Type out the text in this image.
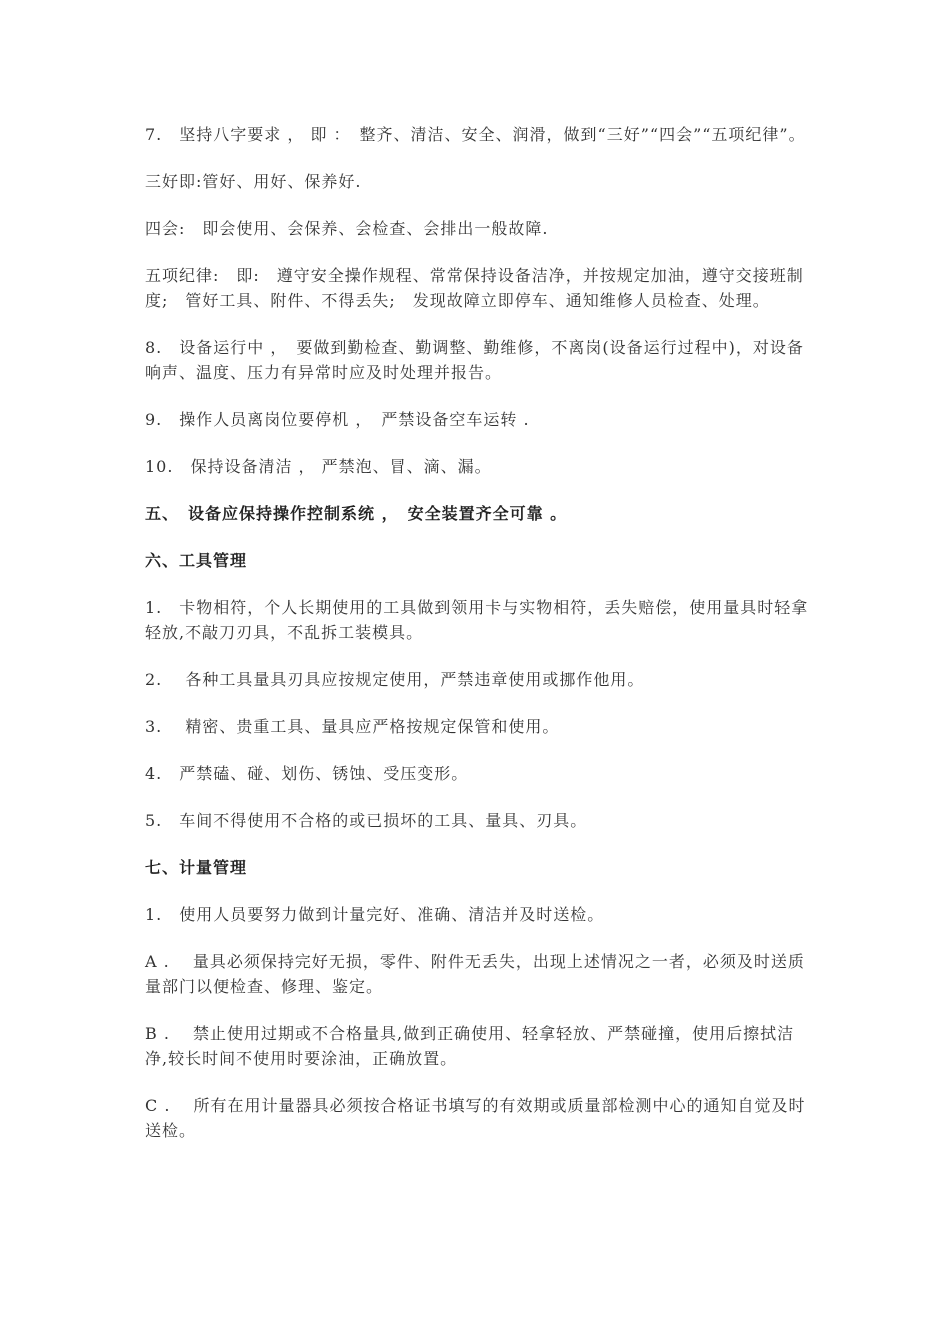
7.　坚持八字要求 ， 即 ：　整齐、清洁、安全、润滑，做到“三好”“四会”“五项纪律”。

三好即:管好、用好、保养好.

四会:　即会使用、会保养、会检查、会排出一般故障.

五项纪律:　即:　遵守安全操作规程、常常保持设备洁净，并按规定加油，遵守交接班制度;　管好工具、附件、不得丢失;　发现故障立即停车、通知维修人员检查、处理。

8.　设备运行中 ，　要做到勤检查、勤调整、勤维修，不离岗(设备运行过程中)，对设备响声、温度、压力有异常时应及时处理并报告。

9.　操作人员离岗位要停机 ，　严禁设备空车运转 .

10.　保持设备清洁 ， 严禁泡、冒、滴、漏。

五、　设备应保持操作控制系统 ，　安全装置齐全可靠 。

六、工具管理

1.　卡物相符，个人长期使用的工具做到领用卡与实物相符，丢失赔偿，使用量具时轻拿轻放,不敲刀刃具，不乱拆工装模具。

2.　 各种工具量具刃具应按规定使用，严禁违章使用或挪作他用。

3.　 精密、贵重工具、量具应严格按规定保管和使用。

4.　严禁磕、碰、划伤、锈蚀、受压变形。

5.　车间不得使用不合格的或已损坏的工具、量具、刃具。

七、计量管理

1.　使用人员要努力做到计量完好、准确、清洁并及时送检。

A .　 量具必须保持完好无损，零件、附件无丢失，出现上述情况之一者，必须及时送质量部门以便检查、修理、鉴定。

B .　 禁止使用过期或不合格量具,做到正确使用、轻拿轻放、严禁碰撞，使用后擦拭洁净,较长时间不使用时要涂油，正确放置。

C .　 所有在用计量器具必须按合格证书填写的有效期或质量部检测中心的通知自觉及时送检。
